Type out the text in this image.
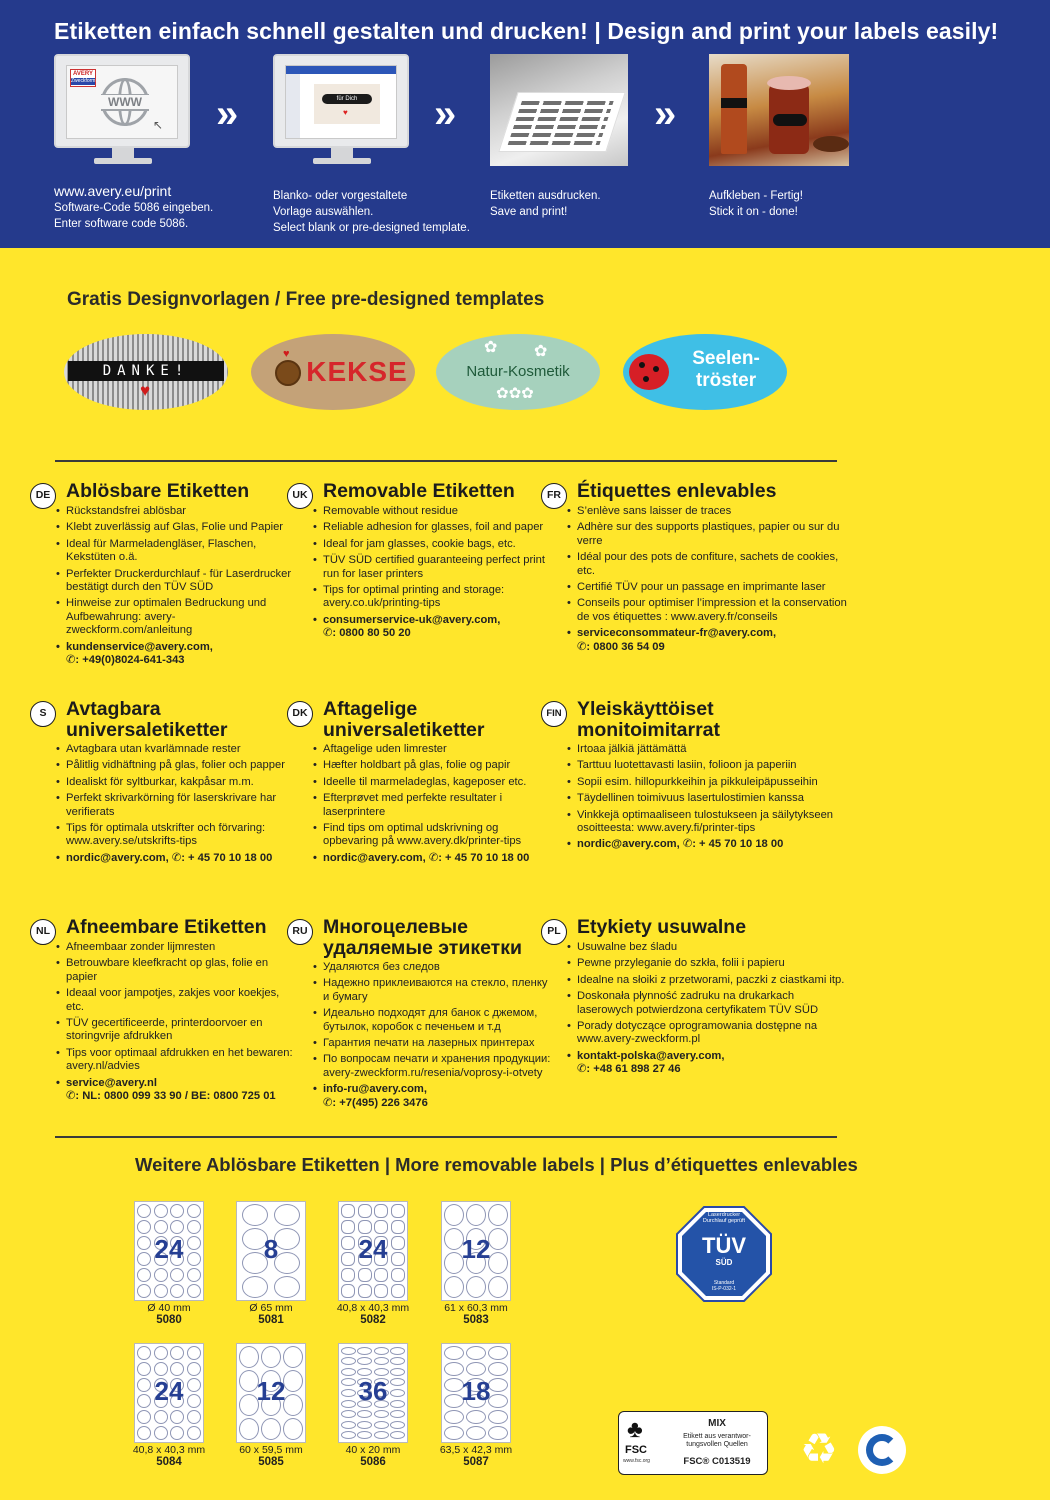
Etiketten einfach schnell gestalten und drucken! | Design and print your labels easily!
AVERY
Zweckform
WWW
↖
www.avery.eu/print
Software-Code 5086 eingeben.
Enter software code 5086.
»	für Dich
♥
Blanko- oder vorgestaltete
Vorlage auswählen.
Select blank or pre-designed template.
»
Etiketten ausdrucken.
Save and print!
»
Aufkleben - Fertig!
Stick it on - done!
Gratis Designvorlagen / Free pre-designed templates
DANKE!
♥
♥
KEKSE
✿ ✿
Natur-Kosmetik
✿✿✿
Seelen-
tröster
DE Ablösbare Etiketten
• Rückstandsfrei ablösbar
• Klebt zuverlässig auf Glas, Folie und Papier
• Ideal für Marmeladengläser, Flaschen, Kekstüten o.ä.
• Perfekter Druckerdurchlauf - für Laserdrucker bestätigt durch den TÜV SÜD
• Hinweise zur optimalen Bedruckung und Aufbewahrung: avery-zweckform.com/anleitung
• kundenservice@avery.com,
✆: +49(0)8024-641-343
UK Removable Etiketten
• Removable without residue
• Reliable adhesion for glasses, foil and paper
• Ideal for jam glasses, cookie bags, etc.
• TÜV SÜD certified guaranteeing perfect print run for laser printers
• Tips for optimal printing and storage: avery.co.uk/printing-tips
• consumerservice-uk@avery.com,
✆: 0800 80 50 20
FR Étiquettes enlevables
• S’enlève sans laisser de traces
• Adhère sur des supports plastiques, papier ou sur du verre
• Idéal pour des pots de confiture, sachets de cookies, etc.
• Certifié TÜV pour un passage en imprimante laser
• Conseils pour optimiser l’impression et la conservation de vos étiquettes : www.avery.fr/conseils
• serviceconsommateur-fr@avery.com,
✆: 0800 36 54 09
S	Avtagbara universaletiketter
• Avtagbara utan kvarlämnade rester
• Pålitlig vidhäftning på glas, folier och papper
• Idealiskt för syltburkar, kakpåsar m.m.
• Perfekt skrivarkörning för laserskrivare har verifierats
• Tips för optimala utskrifter och förvaring: www.avery.se/utskrifts-tips
• nordic@avery.com, ✆: + 45 70 10 18 00
DK Aftagelige universaletiketter
• Aftagelige uden limrester
• Hæfter holdbart på glas, folie og papir
• Ideelle til marmeladeglas, kageposer etc.
• Efterprøvet med perfekte resultater i laserprintere
• Find tips om optimal udskrivning og opbevaring på www.avery.dk/printer-tips
• nordic@avery.com, ✆: + 45 70 10 18 00
FIN Yleiskäyttöiset monitoimitarrat
• Irtoaa jälkiä jättämättä
• Tarttuu luotettavasti lasiin, folioon ja paperiin
• Sopii esim. hillopurkkeihin ja pikkuleipäpusseihin
• Täydellinen toimivuus lasertulostimien kanssa
• Vinkkejä optimaaliseen tulostukseen ja säilytykseen osoitteesta: www.avery.fi/printer-tips
• nordic@avery.com, ✆: + 45 70 10 18 00
NL Afneembare Etiketten
• Afneembaar zonder lijmresten
• Betrouwbare kleefkracht op glas, folie en papier
• Ideaal voor jampotjes, zakjes voor koekjes, etc.
• TÜV gecertificeerde, printerdoorvoer en storingvrije afdrukken
• Tips voor optimaal afdrukken en het bewaren: avery.nl/advies
• service@avery.nl
✆: NL: 0800 099 33 90 / BE: 0800 725 01
RU Многоцелевые удаляемые этикетки
• Удаляются без следов
• Надежно приклеиваются на стекло, пленку и бумагу
• Идеально подходят для банок с джемом, бутылок, коробок с печеньем и т.д
• Гарантия печати на лазерных принтерах
• По вопросам печати и хранения продукции: avery-zweckform.ru/resenia/voprosy-i-otvety
• info-ru@avery.com,
✆: +7(495) 226 3476
PL Etykiety usuwalne
• Usuwalne bez śladu
• Pewne przyleganie do szkła, folii i papieru
• Idealne na słoiki z przetworami, paczki z ciastkami itp.
• Doskonała płynność zadruku na drukarkach laserowych potwierdzona certyfikatem TÜV SÜD
• Porady dotyczące oprogramowania dostępne na www.avery-zweckform.pl
• kontakt-polska@avery.com,
✆: +48 61 898 27 46
Weitere Ablösbare Etiketten | More removable labels | Plus d’étiquettes enlevables
24
Ø 40 mm
5080
8
Ø 65 mm
5081
24
40,8 x 40,3 mm
5082
12
61 x 60,3 mm
5083
24
40,8 x 40,3 mm
5084
12
60 x 59,5 mm
5085
36
40 x 20 mm
5086
18
63,5 x 42,3 mm
5087
Laserdrucker Durchlauf geprüft
TÜV
SÜD
Standard
IS-P-032-1
♣
FSC
www.fsc.org
MIX
Etikett aus verantwor-
tungsvollen Quellen
FSC® C013519	♻
